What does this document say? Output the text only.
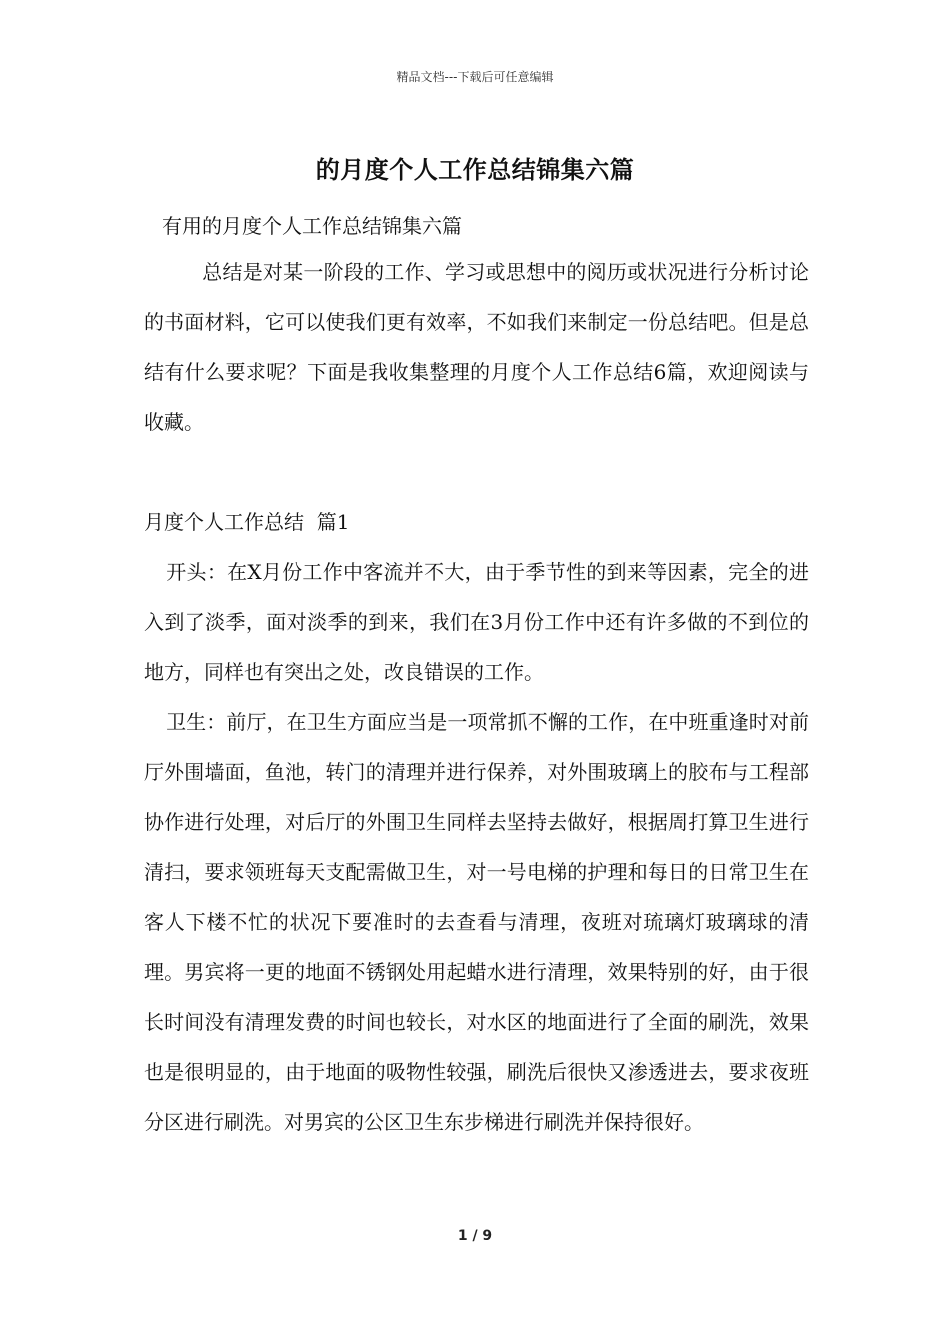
精品文档---下载后可任意编辑
的月度个人工作总结锦集六篇
有用的月度个人工作总结锦集六篇
总结是对某一阶段的工作、学习或思想中的阅历或状况进行分析讨论的书面材料，它可以使我们更有效率，不如我们来制定一份总结吧。但是总结有什么要求呢？下面是我收集整理的月度个人工作总结6篇，欢迎阅读与收藏。
月度个人工作总结  篇1
开头：在X月份工作中客流并不大，由于季节性的到来等因素，完全的进入到了淡季，面对淡季的到来，我们在3月份工作中还有许多做的不到位的地方，同样也有突出之处，改良错误的工作。
卫生：前厅，在卫生方面应当是一项常抓不懈的工作，在中班重逢时对前厅外围墙面，鱼池，转门的清理并进行保养，对外围玻璃上的胶布与工程部协作进行处理，对后厅的外围卫生同样去坚持去做好，根据周打算卫生进行清扫，要求领班每天支配需做卫生，对一号电梯的护理和每日的日常卫生在客人下楼不忙的状况下要准时的去查看与清理，夜班对琉璃灯玻璃球的清理。男宾将一更的地面不锈钢处用起蜡水进行清理，效果特别的好，由于很长时间没有清理发费的时间也较长，对水区的地面进行了全面的刷洗，效果也是很明显的，由于地面的吸物性较强，刷洗后很快又渗透进去，要求夜班分区进行刷洗。对男宾的公区卫生东步梯进行刷洗并保持很好。
1 / 9
